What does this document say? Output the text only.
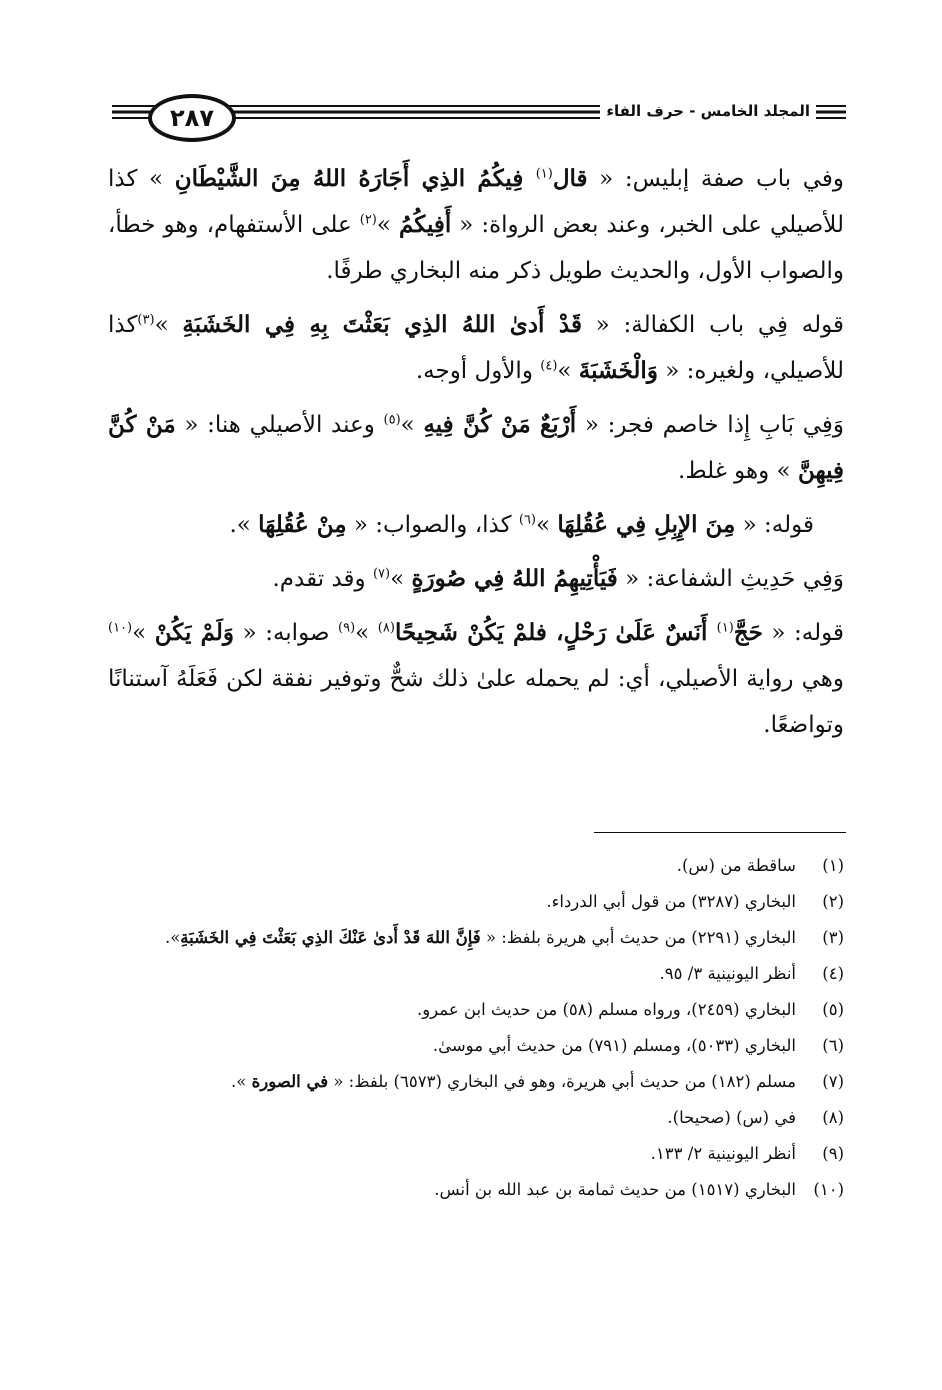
المجلد الخامس - حرف الفاء
٢٨٧

وفي باب صفة إبليس: « قال$^{(١)}$ فِيكُمُ الذِي أَجَارَهُ اللهُ مِنَ الشَّيْطَانِ » كذا للأصيلي على الخبر، وعند بعض الرواة: « أَفِيكُمُ »$^{(٢)}$ على الأستفهام، وهو خطأ، والصواب الأول، والحديث طويل ذكر منه البخاري طرفًا.

قوله فِي باب الكفالة: « قَدْ أَدىٰ اللهُ الذِي بَعَثْتَ بِهِ فِي الخَشَبَةِ »$^{(٣)}$كذا للأصيلي، ولغيره: « وَالْخَشَبَةَ »$^{(٤)}$ والأول أوجه.

وَفِي بَابِ إِذا خاصم فجر: « أَرْبَعٌ مَنْ كُنَّ فِيهِ »$^{(٥)}$ وعند الأصيلي هنا: « مَنْ كُنَّ فِيهِنَّ » وهو غلط.

قوله: « مِنَ الإِبِلِ فِي عُقُلِهَا »$^{(٦)}$ كذا، والصواب: « مِنْ عُقُلِهَا ».

وَفِي حَدِيثِ الشفاعة: « فَيَأْتِيهِمُ اللهُ فِي صُورَةٍ »$^{(٧)}$ وقد تقدم.

قوله: « حَجَّ$^{(١)}$ أَنَسٌ عَلَىٰ رَحْلٍ، فلمْ يَكُنْ شَحِيحًا$^{(٨)}$ »$^{(٩)}$ صوابه: « وَلَمْ يَكُنْ »$^{(١٠)}$ وهي رواية الأصيلي، أي: لم يحمله علىٰ ذلك شحٌّ وتوفير نفقة لكن فَعَلَهُ آستنانًا وتواضعًا.

(١)
ساقطة من (س).
(٢)
البخاري (٣٢٨٧) من قول أبي الدرداء.
(٣)
البخاري (٢٢٩١) من حديث أبي هريرة بلفظ: « فَإِنَّ اللهَ قَدْ أَدىٰ عَنْكَ الذِي بَعَثْتَ فِي الخَشَبَةِ».
(٤)
أنظر اليونينية ٣/ ٩٥.
(٥)
البخاري (٢٤٥٩)، ورواه مسلم (٥٨) من حديث ابن عمرو.
(٦)
البخاري (٥٠٣٣)، ومسلم (٧٩١) من حديث أبي موسىٰ.
(٧)
مسلم (١٨٢) من حديث أبي هريرة، وهو في البخاري (٦٥٧٣) بلفظ: « في الصورة ».
(٨)
في (س) (صحيحا).
(٩)
أنظر اليونينية ٢/ ١٣٣.
(١٠)
البخاري (١٥١٧) من حديث ثمامة بن عبد الله بن أنس.
